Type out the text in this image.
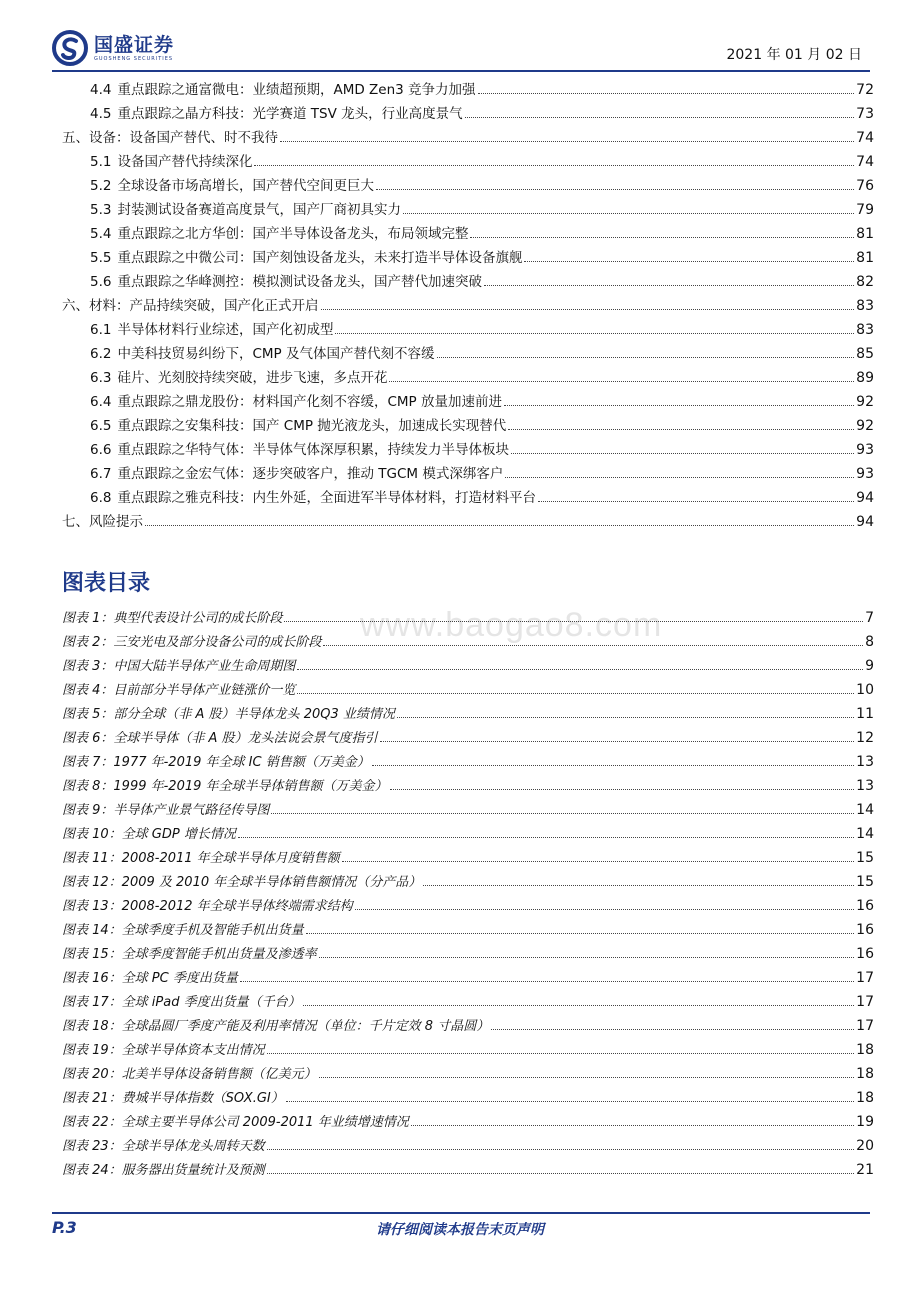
国盛证券
GUOSHENG SECURITIES	2021 年 01 月 02 日
4.4 重点跟踪之通富微电：业绩超预期，AMD Zen3 竞争力加强	72
4.5 重点跟踪之晶方科技：光学赛道 TSV 龙头，行业高度景气	73
五、设备：设备国产替代、时不我待	74
5.1 设备国产替代持续深化	74
5.2 全球设备市场高增长，国产替代空间更巨大	76
5.3 封装测试设备赛道高度景气，国产厂商初具实力	79
5.4 重点跟踪之北方华创：国产半导体设备龙头，布局领域完整	81
5.5 重点跟踪之中微公司：国产刻蚀设备龙头，未来打造半导体设备旗舰	81
5.6 重点跟踪之华峰测控：模拟测试设备龙头，国产替代加速突破	82
六、材料：产品持续突破，国产化正式开启	83
6.1 半导体材料行业综述，国产化初成型	83
6.2 中美科技贸易纠纷下，CMP 及气体国产替代刻不容缓	85
6.3 硅片、光刻胶持续突破，进步飞速，多点开花	89
6.4 重点跟踪之鼎龙股份：材料国产化刻不容缓，CMP 放量加速前进	92
6.5 重点跟踪之安集科技：国产 CMP 抛光液龙头，加速成长实现替代	92
6.6 重点跟踪之华特气体：半导体气体深厚积累，持续发力半导体板块	93
6.7 重点跟踪之金宏气体：逐步突破客户，推动 TGCM 模式深绑客户	93
6.8 重点跟踪之雅克科技：内生外延，全面进军半导体材料，打造材料平台	94
七、风险提示	94
www.baogao8.com
图表目录
图表 1：典型代表设计公司的成长阶段	7
图表 2：三安光电及部分设备公司的成长阶段	8
图表 3：中国大陆半导体产业生命周期图	9
图表 4：目前部分半导体产业链涨价一览	10
图表 5：部分全球（非 A 股）半导体龙头 20Q3 业绩情况	11
图表 6：全球半导体（非 A 股）龙头法说会景气度指引	12
图表 7：1977 年-2019 年全球 IC 销售额（万美金）	13
图表 8：1999 年-2019 年全球半导体销售额（万美金）	13
图表 9：半导体产业景气路径传导图	14
图表 10：全球 GDP 增长情况	14
图表 11：2008-2011 年全球半导体月度销售额	15
图表 12：2009 及 2010 年全球半导体销售额情况（分产品）	15
图表 13：2008-2012 年全球半导体终端需求结构	16
图表 14：全球季度手机及智能手机出货量	16
图表 15：全球季度智能手机出货量及渗透率	16
图表 16：全球 PC 季度出货量	17
图表 17：全球 iPad 季度出货量（千台）	17
图表 18：全球晶圆厂季度产能及利用率情况（单位：千片定效 8 寸晶圆）	17
图表 19：全球半导体资本支出情况	18
图表 20：北美半导体设备销售额（亿美元）	18
图表 21：费城半导体指数（SOX.GI）	18
图表 22：全球主要半导体公司 2009-2011 年业绩增速情况	19
图表 23：全球半导体龙头周转天数	20
图表 24：服务器出货量统计及预测	21
请仔细阅读本报告末页声明
P.3
